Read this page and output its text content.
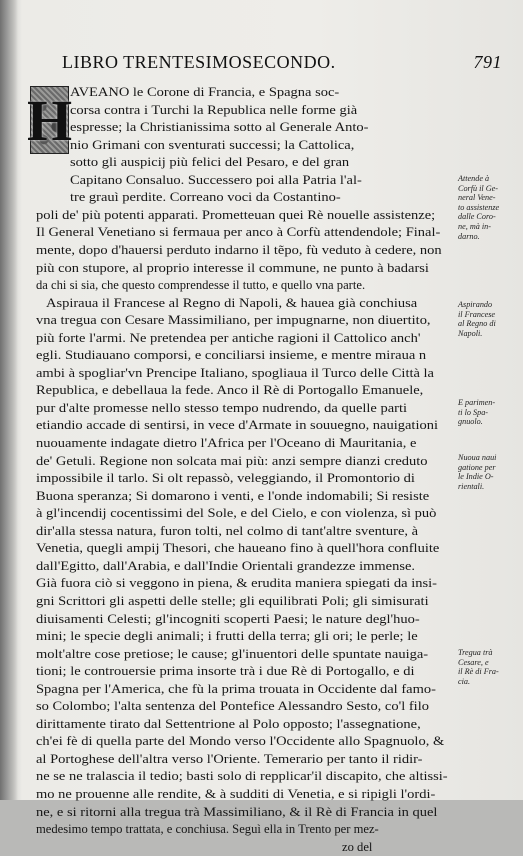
LIBRO TRENTESIMOSECONDO.	791
H
AVEANO le Corone di Francia, e Spagna soc-
corsa contra i Turchi la Republica nelle forme già
espresse; la Christianissima sotto al Generale Anto-
nio Grimani con sventurati successi; la Cattolica,
sotto gli auspicij più felici del Pesaro, e del gran
Capitano Consaluo. Successero poi alla Patria l'al-
tre grauì perdite. Correano voci da Costantino-
poli de' più potenti apparati. Prometteuan quei Rè nouelle assistenze;
Il General Venetiano si fermaua per anco à Corfù attendendole; Final-
mente, dopo d'hauersi perduto indarno il tẽpo, fù veduto à cedere, non
più con stupore, al proprio interesse il commune, ne punto à badarsi
da chi si sia, che questo comprendesse il tutto, e quello vna parte.
Aspiraua il Francese al Regno di Napoli, & hauea già conchiusa
vna tregua con Cesare Massimiliano, per impugnarne, non diuertito,
più forte l'armi. Ne pretendea per antiche ragioni il Cattolico anch'
egli. Studiauano comporsi, e conciliarsi insieme, e mentre miraua n
ambi à spogliar'vn Prencipe Italiano, spogliaua il Turco delle Città la
Republica, e debellaua la fede. Anco il Rè di Portogallo Emanuele,
pur d'alte promesse nello stesso tempo nudrendo, da quelle parti
etiandio accade di sentirsi, in vece d'Armate in souuegno, nauigationi
nuouamente indagate dietro l'Africa per l'Oceano di Mauritania, e
de' Getuli. Regione non solcata mai più: anzi sempre dianzi creduto
impossibile il tarlo. Si olt repassò, veleggiando, il Promontorio di
Buona speranza; Si domarono i venti, e l'onde indomabili; Si resiste
à gl'incendij cocentissimi del Sole, e del Cielo, e con violenza, sì può
dir'alla stessa natura, furon tolti, nel colmo di tant'altre sventure, à
Venetia, quegli ampij Thesori, che haueano fino à quell'hora confluite
dall'Egitto, dall'Arabia, e dall'Indie Orientali grandezze immense.
Già fuora ciò si veggono in piena, & erudita maniera spiegati da insi-
gni Scrittori gli aspetti delle stelle; gli equilibrati Poli; gli simisurati
diuisamenti Celesti; gl'incogniti scoperti Paesi; le nature degl'huo-
mini; le specie degli animali; i frutti della terra; gli ori; le perle; le
molt'altre cose pretiose; le cause; gl'inuentori delle spuntate nauiga-
tioni; le controuersie prima insorte trà i due Rè di Portogallo, e di
Spagna per l'America, che fù la prima trouata in Occidente dal famo-
so Colombo; l'alta sentenza del Pontefice Alessandro Sesto, co'l filo
dirittamente tirato dal Settentrione al Polo opposto; l'assegnatione,
ch'ei fè di quella parte del Mondo verso l'Occidente allo Spagnuolo, &
al Portoghese dell'altra verso l'Oriente. Temerario per tanto il ridir-
ne se ne tralascia il tedio; basti solo di repplicar'il discapito, che altissi-
mo ne prouenne alle rendite, & à sudditi di Venetia, e si ripigli l'ordi-
ne, e si ritorni alla tregua trà Massimiliano, & il Rè di Francia in quel
medesimo tempo trattata, e conchiusa. Seguì ella in Trento per mez-
zo del
Attende à
Corfù il Ge-
neral Vene-
to assistenze
dalle Coro-
ne, mà in-
darno.
Aspirando
il Francese
al Regno di
Napoli.
E parimen-
ti lo Spa-
gnuolo.
Nuoua naui
gatione per
le Indie O-
rientali.
Tregua trà
Cesare, e
il Rè di Fra-
cia.
